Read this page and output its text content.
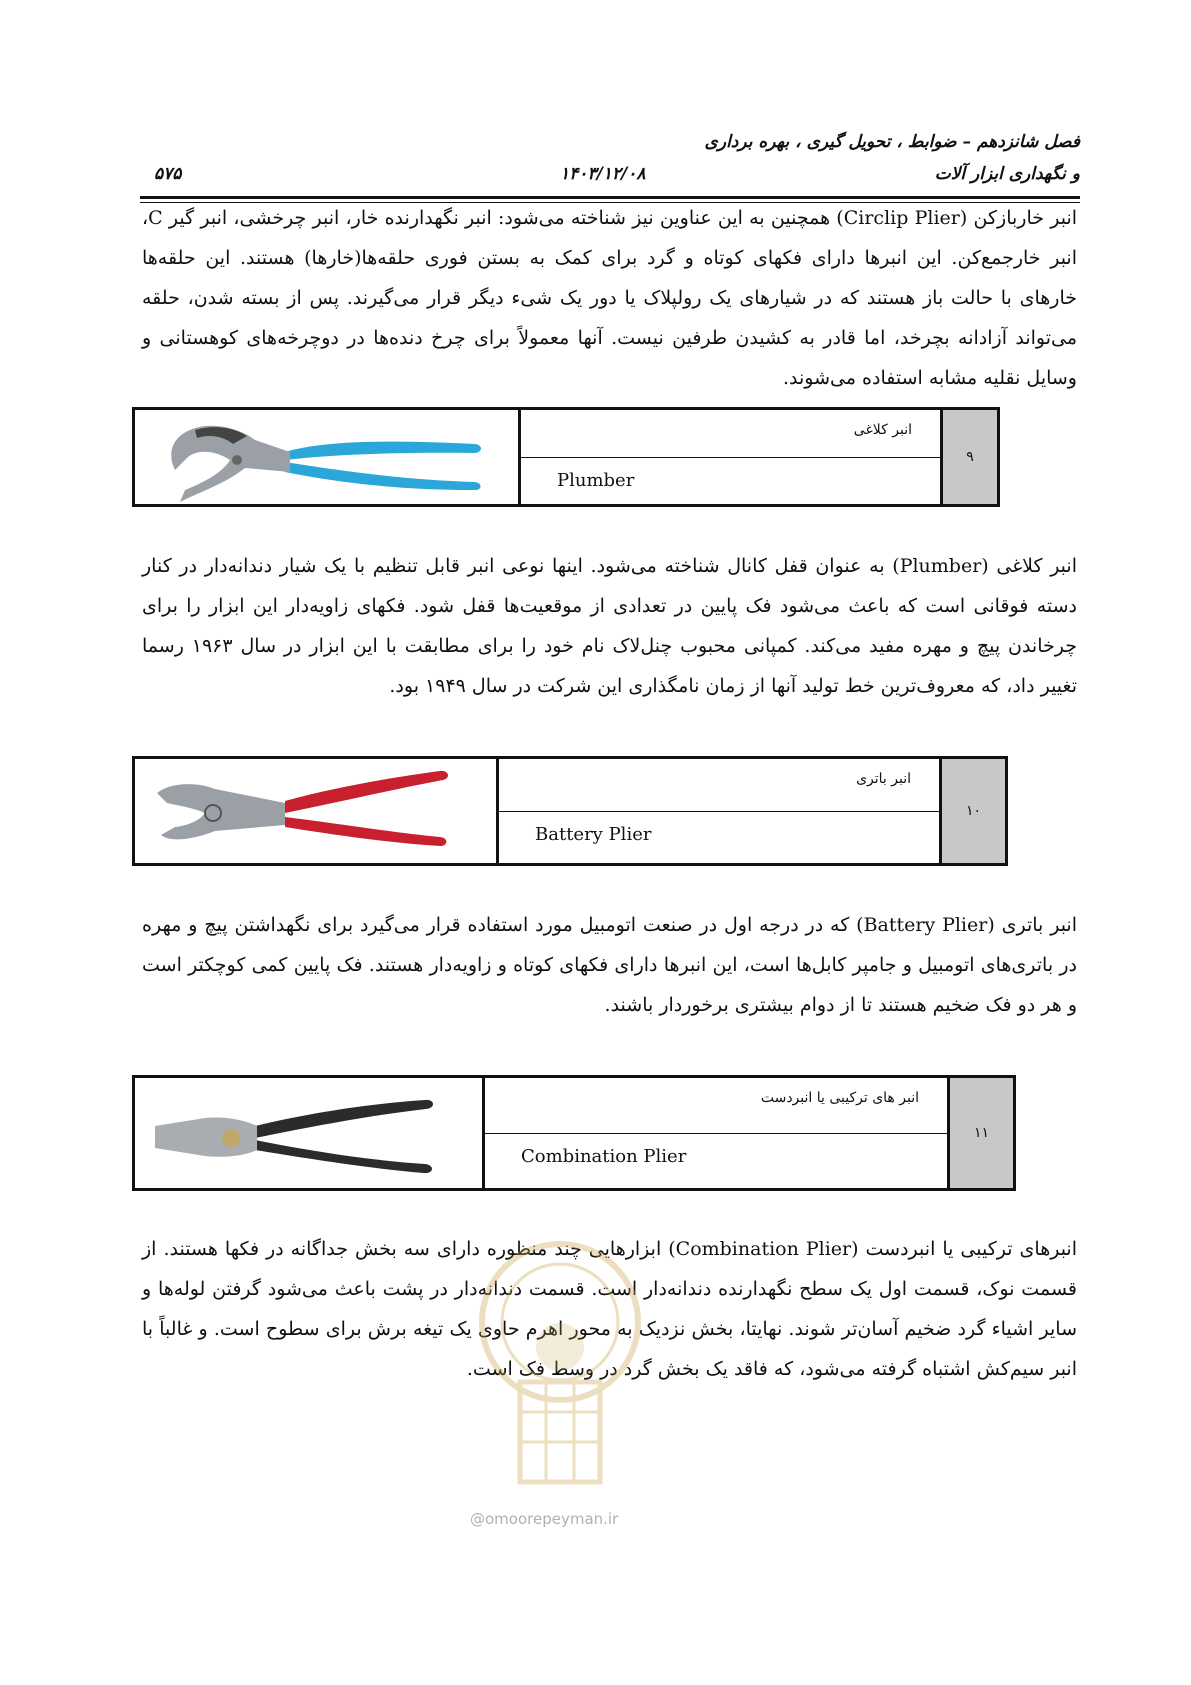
فصل شانزدهم – ضوابط ، تحویل گیری ، بهره برداری
و نگهداری ابزار آلات
۱۴۰۳/۱۲/۰۸
۵۷۵

انبر خاربازکن (Circlip Plier) همچنین به این عناوین نیز شناخته می‌شود: انبر نگهدارنده خار، انبر چرخشی، انبر گیر C، انبر خارجمع‌کن. این انبرها دارای فکهای کوتاه و گرد برای کمک به بستن فوری حلقه‌ها(خارها) هستند. این حلقه‌ها خارهای با حالت باز هستند که در شیارهای یک رولپلاک یا دور یک شیء دیگر قرار می‌گیرند. پس از بسته شدن، حلقه می‌تواند آزادانه بچرخد، اما قادر به کشیدن طرفین نیست. آنها معمولاً برای چرخ دنده‌ها در دوچرخه‌های کوهستانی و وسایل نقلیه مشابه استفاده می‌شوند.

انبر کلاغی
Plumber
۹

انبر کلاغی (Plumber) به عنوان قفل کانال شناخته می‌شود. اینها نوعی انبر قابل تنظیم با یک شیار دندانه‌دار در کنار دسته فوقانی است که باعث می‌شود فک پایین در تعدادی از موقعیت‌ها قفل شود. فکهای زاویه‌دار این ابزار را برای چرخاندن پیچ و مهره مفید می‌کند. کمپانی محبوب چنل‌لاک نام خود را برای مطابقت با این ابزار در سال ۱۹۶۳ رسما تغییر داد، که معروف‌ترین خط تولید آنها از زمان نامگذاری این شرکت در سال ۱۹۴۹ بود.

انبر باتری
Battery Plier
۱۰

انبر باتری (Battery Plier) که در درجه اول در صنعت اتومبیل مورد استفاده قرار می‌گیرد برای نگهداشتن پیچ و مهره در باتری‌های اتومبیل و جامپر کابل‌ها است، این انبرها دارای فکهای کوتاه و زاویه‌دار هستند. فک پایین کمی کوچکتر است و هر دو فک ضخیم هستند تا از دوام بیشتری برخوردار باشند.

انبر های ترکیبی یا انبردست
Combination Plier
۱۱

انبرهای ترکیبی یا انبردست (Combination Plier) ابزارهایی چند منظوره دارای سه بخش جداگانه در فکها هستند. از قسمت نوک، قسمت اول یک سطح نگهدارنده دندانه‌دار است. قسمت دندانه‌دار در پشت باعث می‌شود گرفتن لوله‌ها و سایر اشیاء گرد ضخیم آسان‌تر شوند. نهایتا، بخش نزدیک به محور اهرم حاوی یک تیغه برش برای سطوح است. و غالباً با انبر سیم‌کش اشتباه گرفته می‌شود، که فاقد یک بخش گرد در وسط فک است.

@omoorepeyman.ir
